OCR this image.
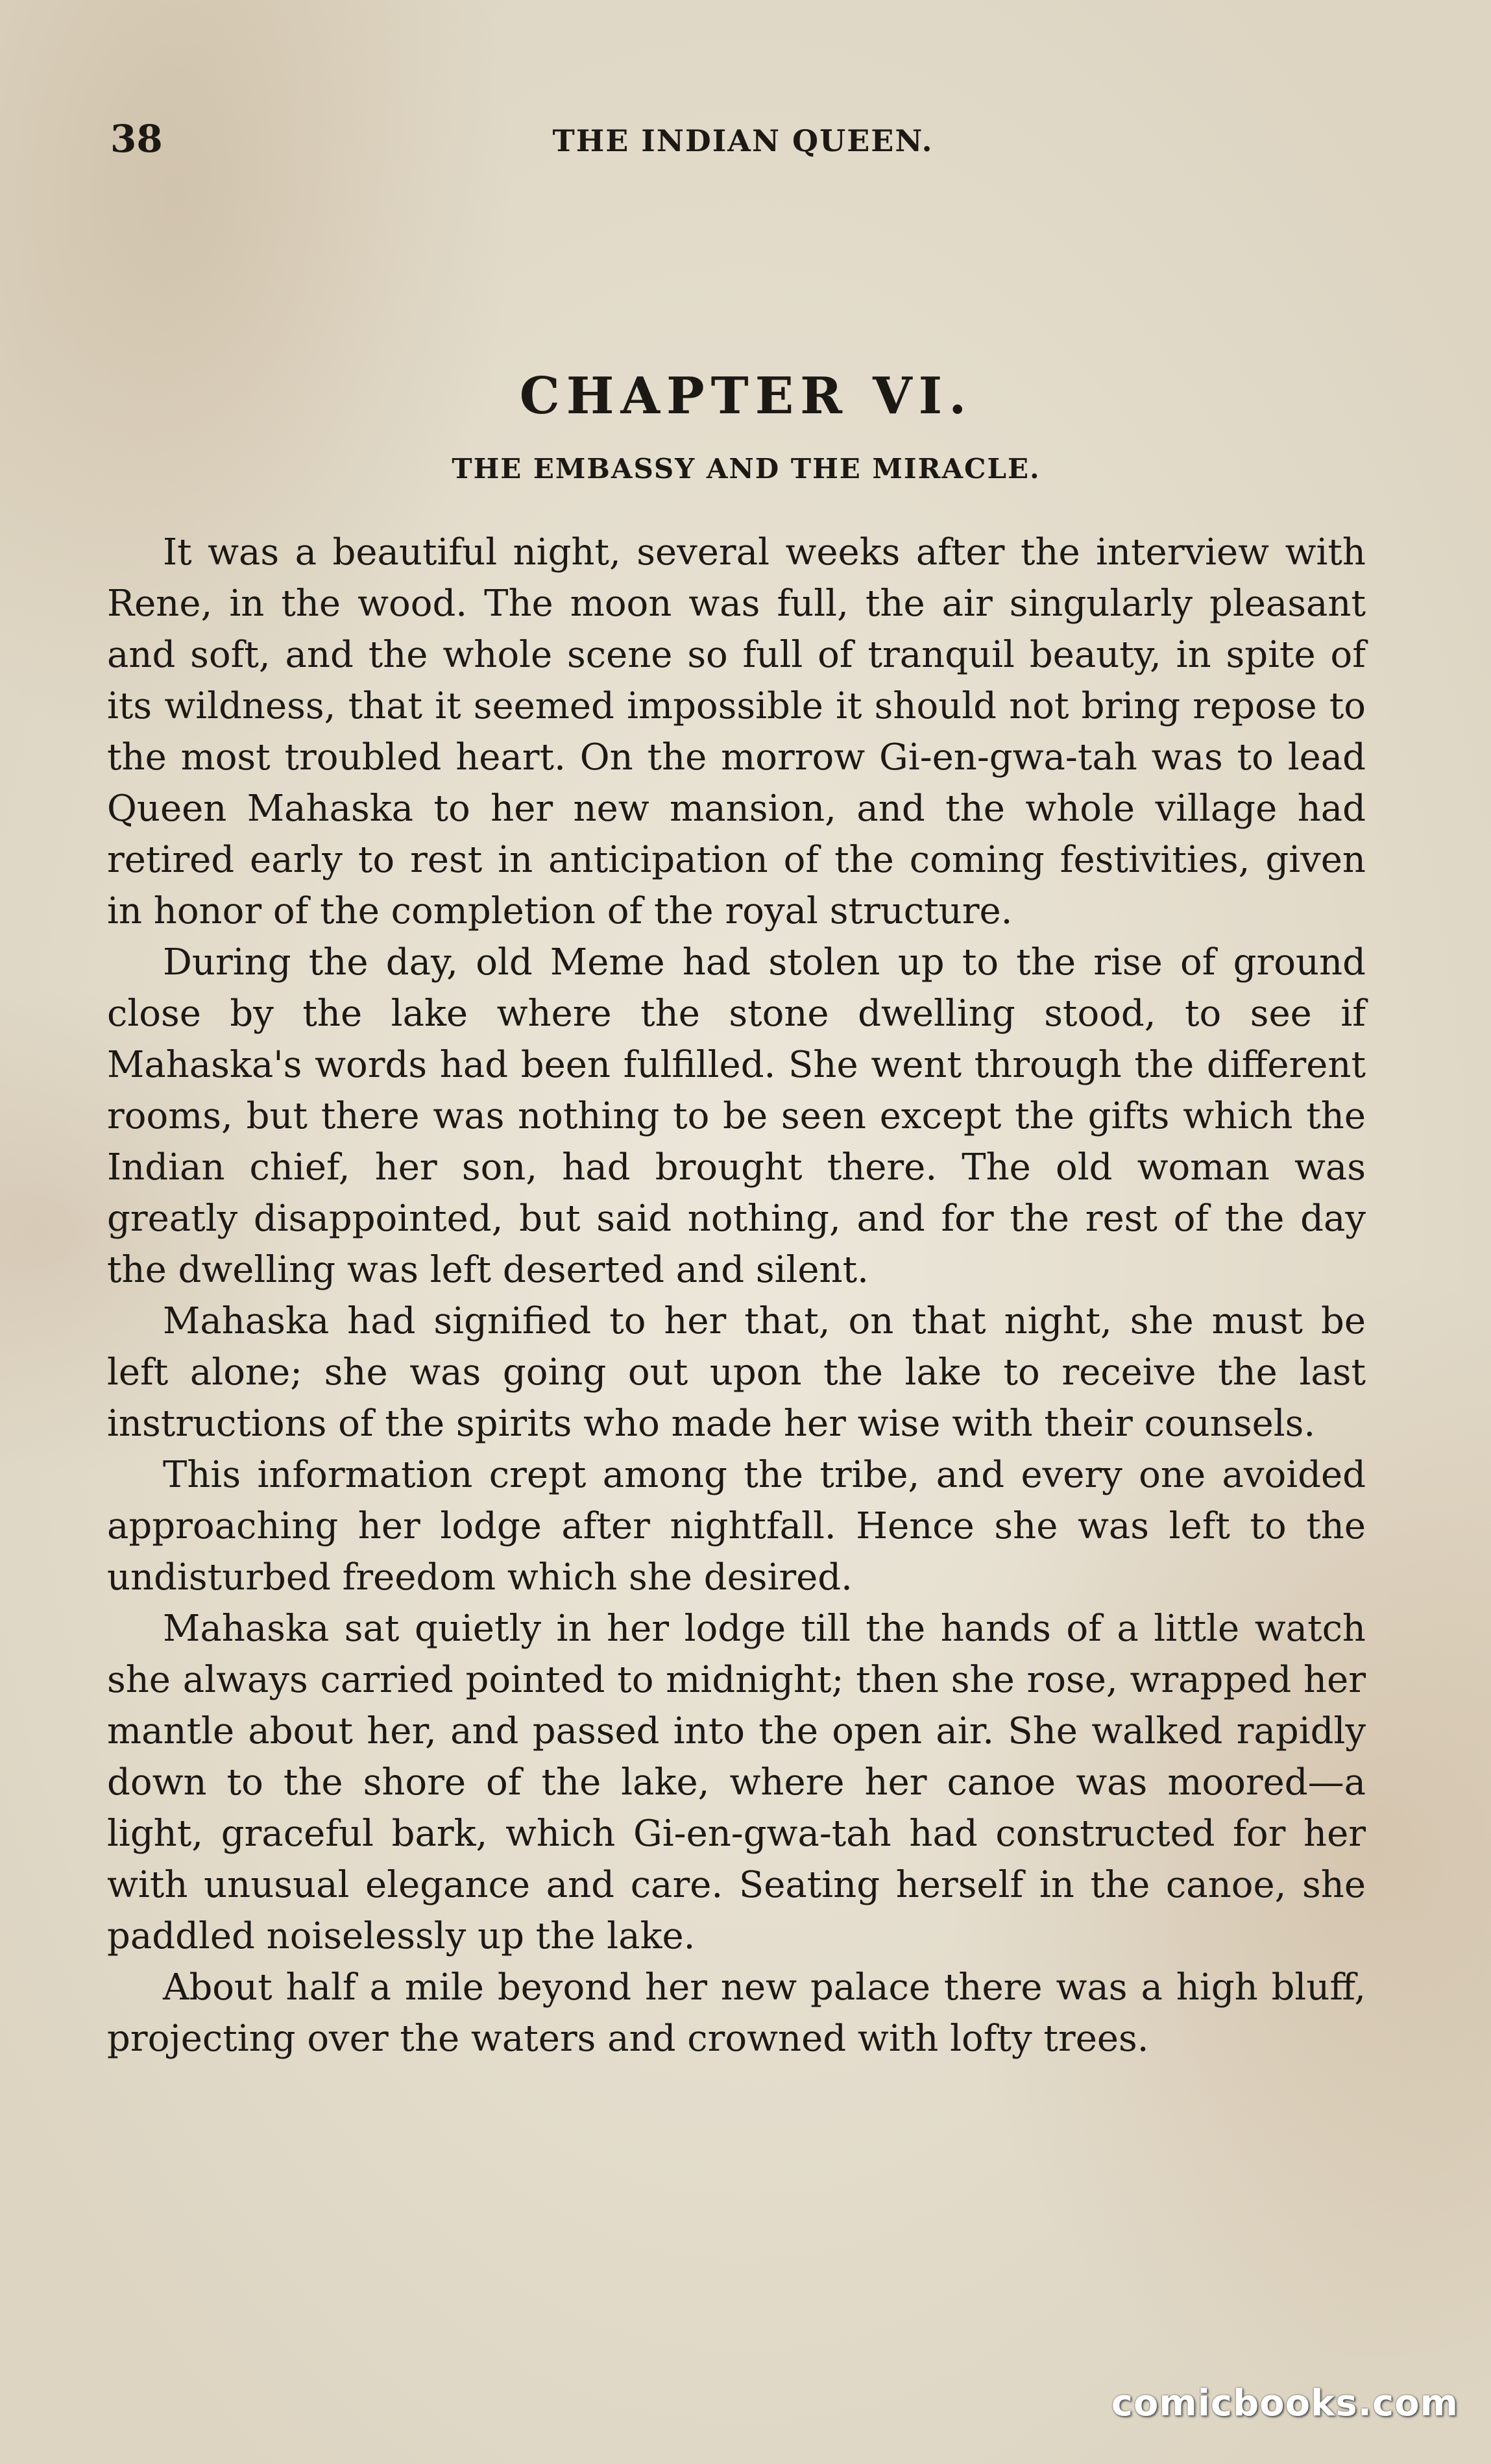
38	THE INDIAN QUEEN.
CHAPTER VI.
THE EMBASSY AND THE MIRACLE.

It was a beautiful night, several weeks after the interview with Rene, in the wood. The moon was full, the air singularly pleasant and soft, and the whole scene so full of tranquil beauty, in spite of its wildness, that it seemed impossible it should not bring repose to the most troubled heart. On the morrow Gi-en-gwa-tah was to lead Queen Mahaska to her new mansion, and the whole village had retired early to rest in anticipation of the coming festivities, given in honor of the completion of the royal structure.

During the day, old Meme had stolen up to the rise of ground close by the lake where the stone dwelling stood, to see if Mahaska's words had been fulfilled. She went through the different rooms, but there was nothing to be seen except the gifts which the Indian chief, her son, had brought there. The old woman was greatly disappointed, but said nothing, and for the rest of the day the dwelling was left deserted and silent.

Mahaska had signified to her that, on that night, she must be left alone; she was going out upon the lake to receive the last instructions of the spirits who made her wise with their counsels.

This information crept among the tribe, and every one avoided approaching her lodge after nightfall. Hence she was left to the undisturbed freedom which she desired.

Mahaska sat quietly in her lodge till the hands of a little watch she always carried pointed to midnight; then she rose, wrapped her mantle about her, and passed into the open air. She walked rapidly down to the shore of the lake, where her canoe was moored—a light, graceful bark, which Gi-en-gwa-tah had constructed for her with unusual elegance and care. Seating herself in the canoe, she paddled noiselessly up the lake.

About half a mile beyond her new palace there was a high bluff, projecting over the waters and crowned with lofty trees.

comicbooks.com
